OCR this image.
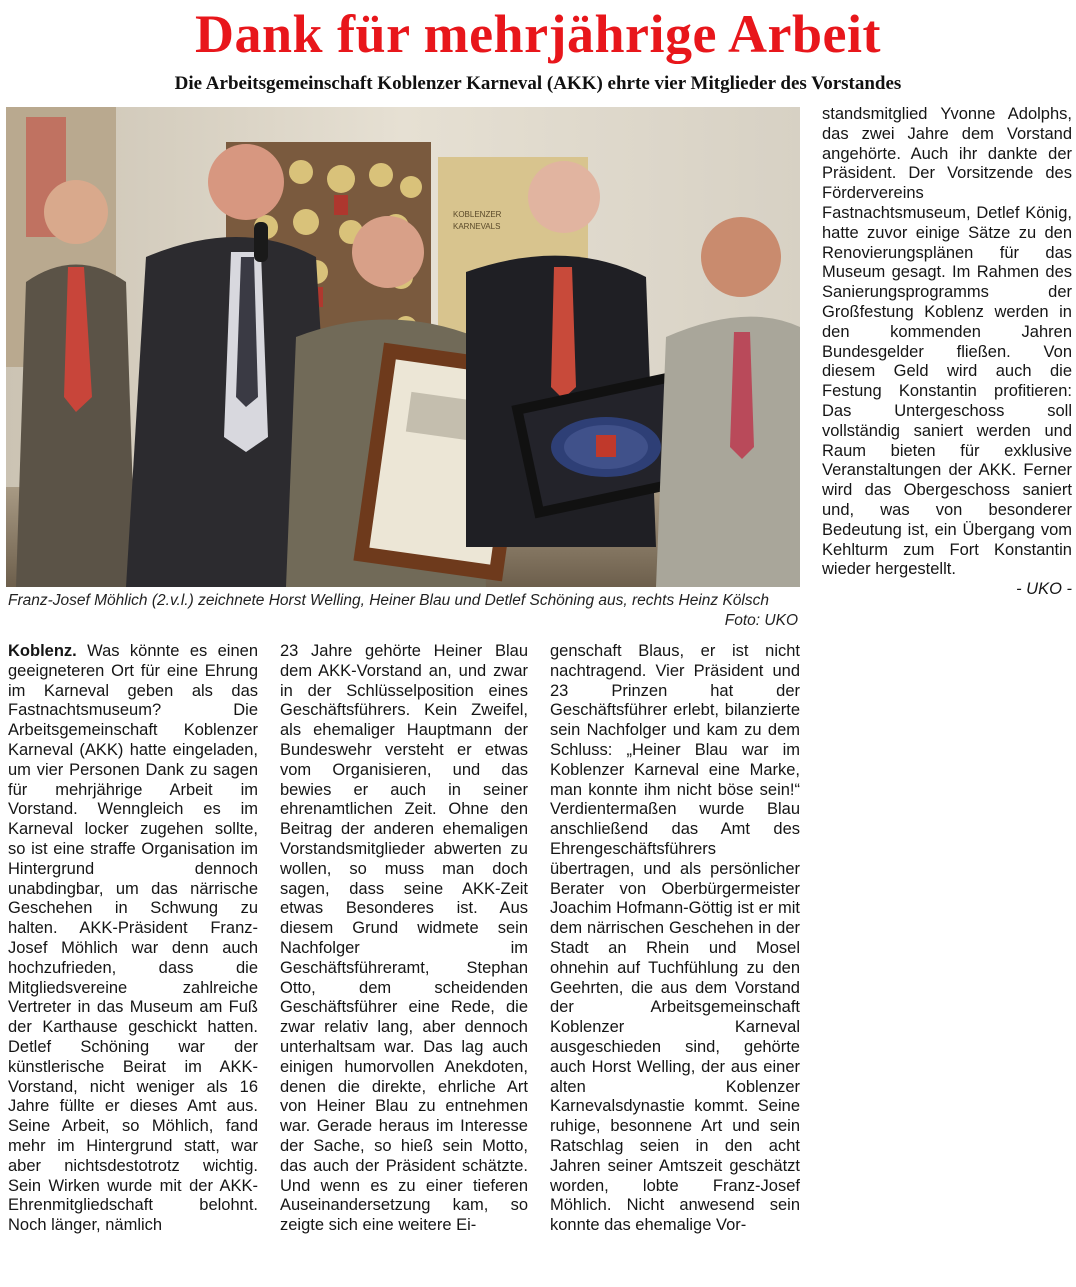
Dank für mehrjährige Arbeit
Die Arbeitsgemeinschaft Koblenzer Karneval (AKK) ehrte vier Mitglieder des Vorstandes
KOBLENZER
KARNEVALS
Franz-Josef Möhlich (2.v.l.) zeichnete Horst Welling, Heiner Blau und Detlef Schöning aus, rechts Heinz Kölsch
Foto: UKO

Koblenz. Was könnte es einen geeigneteren Ort für eine Ehrung im Karneval geben als das Fastnachtsmuseum? Die Arbeitsgemeinschaft Koblenzer Karneval (AKK) hatte eingeladen, um vier Personen Dank zu sagen für mehrjährige Arbeit im Vorstand. Wenngleich es im Karneval locker zugehen sollte, so ist eine straffe Organisation im Hintergrund dennoch unabdingbar, um das närrische Geschehen in Schwung zu halten. AKK-Präsident Franz-Josef Möhlich war denn auch hochzufrieden, dass die Mitgliedsvereine zahlreiche Vertreter in das Museum am Fuß der Karthause geschickt hatten. Detlef Schöning war der künstlerische Beirat im AKK-Vorstand, nicht weniger als 16 Jahre füllte er dieses Amt aus. Seine Arbeit, so Möhlich, fand mehr im Hintergrund statt, war aber nichtsdestotrotz wichtig. Sein Wirken wurde mit der AKK-Ehrenmitgliedschaft belohnt. Noch länger, nämlich

23 Jahre gehörte Heiner Blau dem AKK-Vorstand an, und zwar in der Schlüsselposition eines Geschäftsführers. Kein Zweifel, als ehemaliger Hauptmann der Bundeswehr versteht er etwas vom Organisieren, und das bewies er auch in seiner ehrenamtlichen Zeit. Ohne den Beitrag der anderen ehemaligen Vorstandsmitglieder abwerten zu wollen, so muss man doch sagen, dass seine AKK-Zeit etwas Besonderes ist. Aus diesem Grund widmete sein Nachfolger im Geschäftsführeramt, Stephan Otto, dem scheidenden Geschäftsführer eine Rede, die zwar relativ lang, aber dennoch unterhaltsam war. Das lag auch einigen humorvollen Anekdoten, denen die direkte, ehrliche Art von Heiner Blau zu entnehmen war. Gerade heraus im Interesse der Sache, so hieß sein Motto, das auch der Präsident schätzte. Und wenn es zu einer tieferen Auseinandersetzung kam, so zeigte sich eine weitere Ei-

genschaft Blaus, er ist nicht nachtragend. Vier Präsident und 23 Prinzen hat der Geschäftsführer erlebt, bilanzierte sein Nachfolger und kam zu dem Schluss: „Heiner Blau war im Koblenzer Karneval eine Marke, man konnte ihm nicht böse sein!“ Verdientermaßen wurde Blau anschließend das Amt des Ehrengeschäftsführers übertragen, und als persönlicher Berater von Oberbürgermeister Joachim Hofmann-Göttig ist er mit dem närrischen Geschehen in der Stadt an Rhein und Mosel ohnehin auf Tuchfühlung zu den Geehrten, die aus dem Vorstand der Arbeitsgemeinschaft Koblenzer Karneval ausgeschieden sind, gehörte auch Horst Welling, der aus einer alten Koblenzer Karnevalsdynastie kommt. Seine ruhige, besonnene Art und sein Ratschlag seien in den acht Jahren seiner Amtszeit geschätzt worden, lobte Franz-Josef Möhlich. Nicht anwesend sein konnte das ehemalige Vor-

standsmitglied Yvonne Adolphs, das zwei Jahre dem Vorstand angehörte. Auch ihr dankte der Präsident. Der Vorsitzende des Fördervereins Fastnachtsmuseum, Detlef König, hatte zuvor einige Sätze zu den Renovierungsplänen für das Museum gesagt. Im Rahmen des Sanierungsprogramms der Großfestung Koblenz werden in den kommenden Jahren Bundesgelder fließen. Von diesem Geld wird auch die Festung Konstantin profitieren: Das Untergeschoss soll vollständig saniert werden und Raum bieten für exklusive Veranstaltungen der AKK. Ferner wird das Obergeschoss saniert und, was von besonderer Bedeutung ist, ein Übergang vom Kehlturm zum Fort Konstantin wieder hergestellt.

- UKO -
